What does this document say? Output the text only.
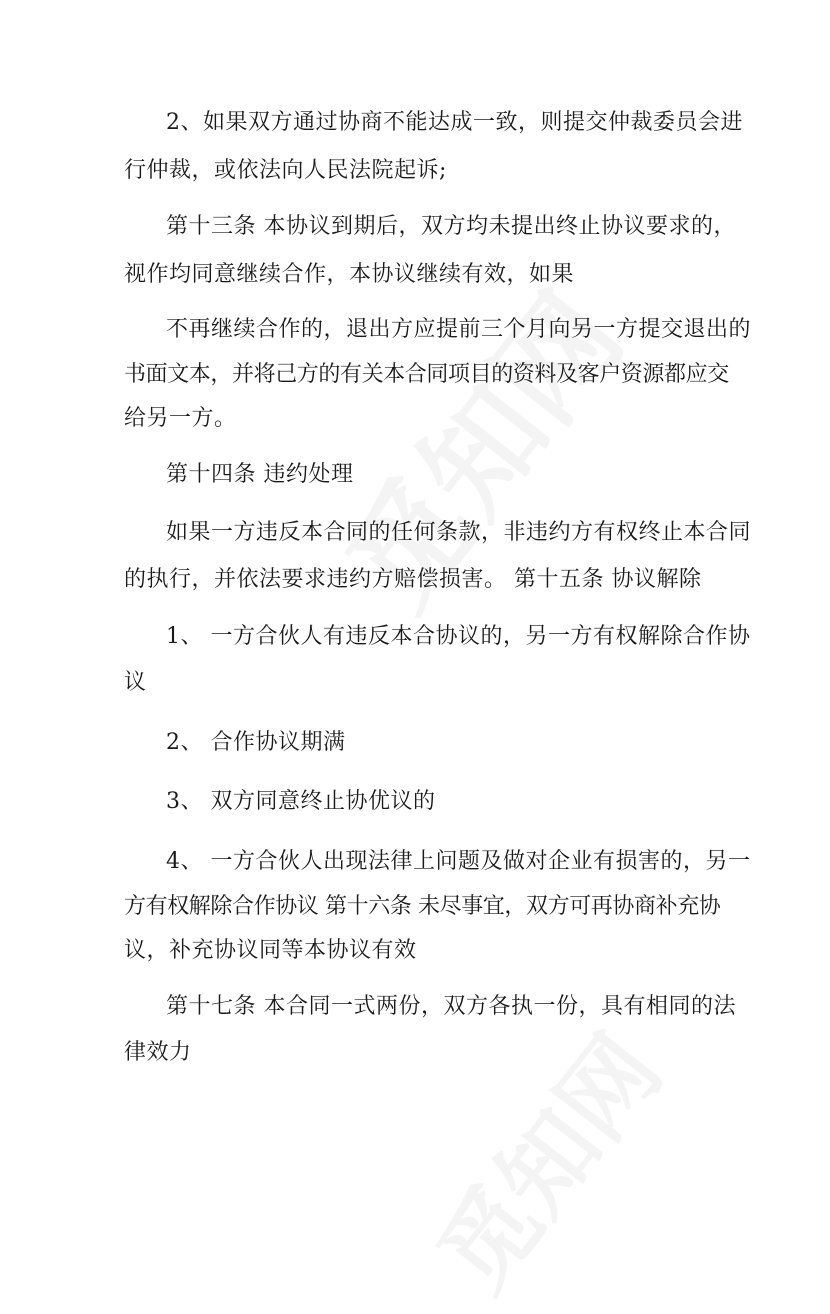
2、如果双方通过协商不能达成一致，则提交仲裁委员会进
行仲裁，或依法向人民法院起诉;
第十三条 本协议到期后，双方均未提出终止协议要求的，
视作均同意继续合作，本协议继续有效，如果
不再继续合作的，退出方应提前三个月向另一方提交退出的
书面文本，并将己方的有关本合同项目的资料及客户资源都应交
给另一方。
第十四条 违约处理
如果一方违反本合同的任何条款，非违约方有权终止本合同
的执行，并依法要求违约方赔偿损害。 第十五条 协议解除
1、 一方合伙人有违反本合协议的，另一方有权解除合作协
议
2、 合作协议期满
3、 双方同意终止协优议的
4、 一方合伙人出现法律上问题及做对企业有损害的，另一
方有权解除合作协议 第十六条 未尽事宜，双方可再协商补充协
议，补充协议同等本协议有效
第十七条 本合同一式两份，双方各执一份，具有相同的法
律效力
